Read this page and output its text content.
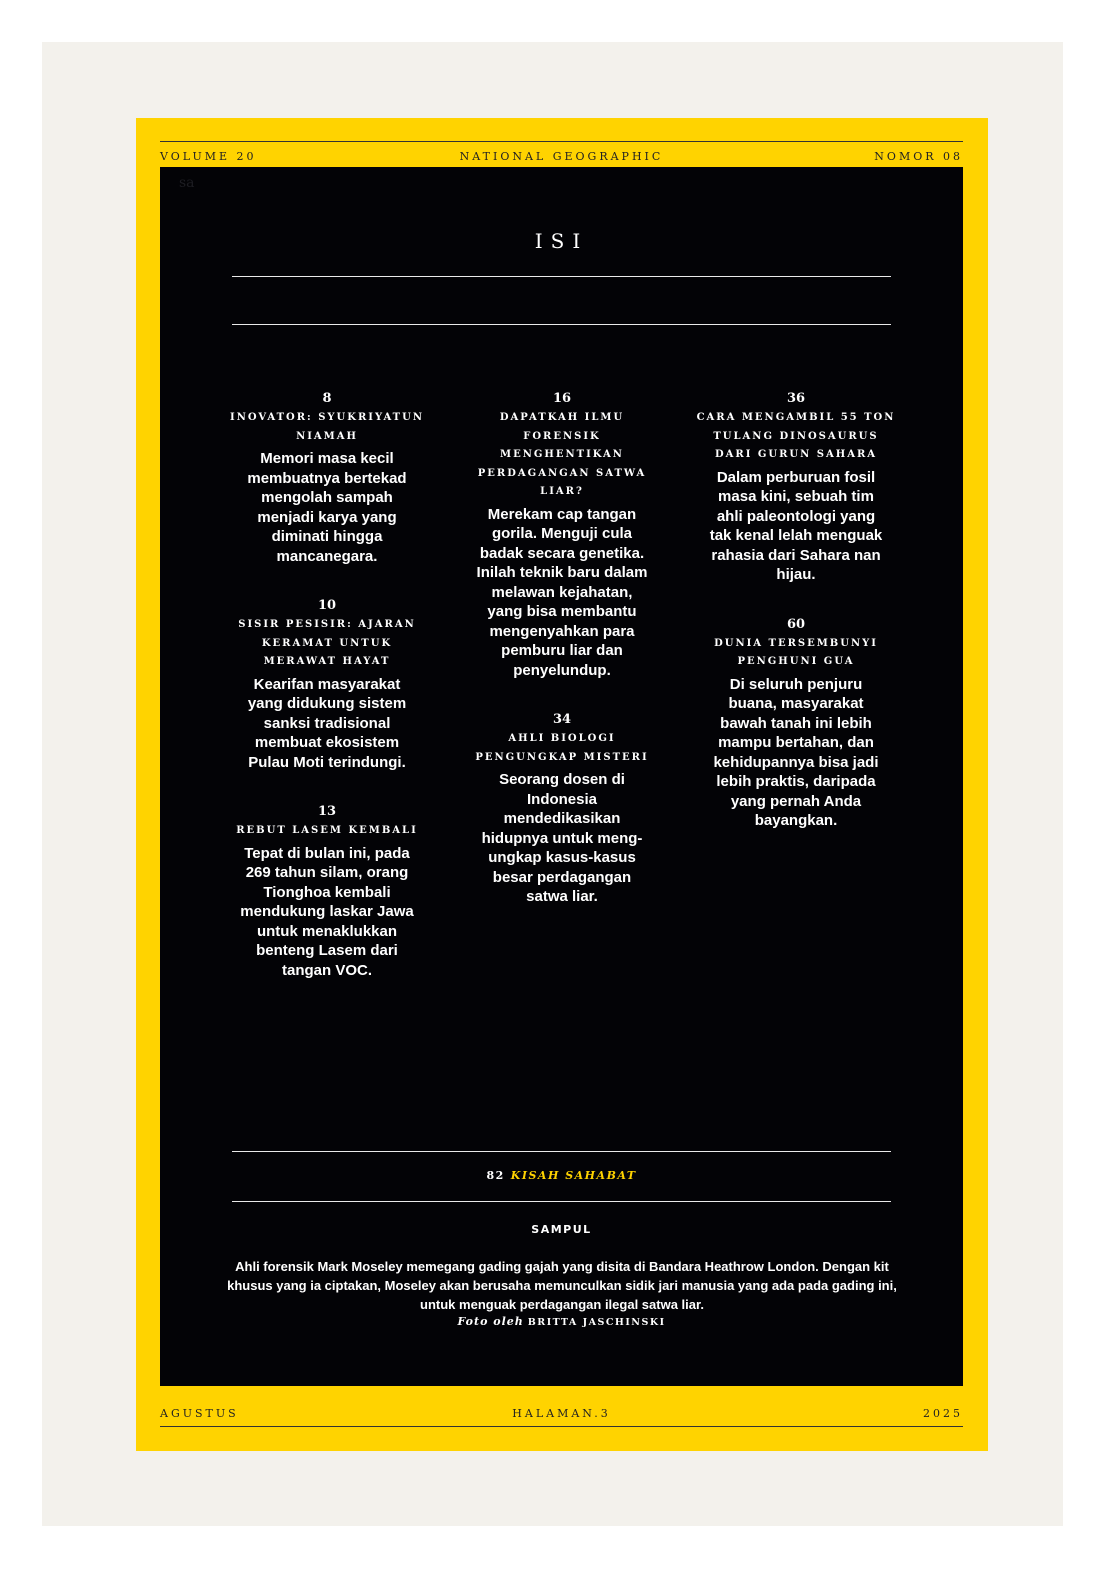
VOLUME 20	NATIONAL GEOGRAPHIC	NOMOR 08
sa
ISI
8
INOVATOR: SYUKRIYATUN NIAMAH
Memori masa kecil membuatnya bertekad mengolah sampah menjadi karya yang diminati hingga mancanegara.
10
SISIR PESISIR: AJARAN KERAMAT UNTUK MERAWAT HAYAT
Kearifan masyarakat yang didukung sistem sanksi tradisional membuat ekosistem Pulau Moti terindungi.
13
REBUT LASEM KEMBALI
Tepat di bulan ini, pada 269 tahun silam, orang Tionghoa kembali mendukung laskar Jawa untuk menaklukkan benteng Lasem dari tangan VOC.
16
DAPATKAH ILMU FORENSIK MENGHENTIKAN PERDAGANGAN SATWA LIAR?
Merekam cap tangan gorila. Menguji cula badak secara genetika. Inilah teknik baru dalam melawan kejahatan, yang bisa membantu mengenyahkan para pemburu liar dan penyelundup.
34
AHLI BIOLOGI PENGUNGKAP MISTERI
Seorang dosen di Indonesia mendedikasikan hidupnya untuk meng-ungkap kasus-kasus besar perdagangan satwa liar.
36
CARA MENGAMBIL 55 TON TULANG DINOSAURUS DARI GURUN SAHARA
Dalam perburuan fosil masa kini, sebuah tim ahli paleontologi yang tak kenal lelah menguak rahasia dari Sahara nan hijau.
60
DUNIA TERSEMBUNYI PENGHUNI GUA
Di seluruh penjuru buana, masyarakat bawah tanah ini lebih mampu bertahan, dan kehidupannya bisa jadi lebih praktis, daripada yang pernah Anda bayangkan.
82 KISAH SAHABAT
SAMPUL
Ahli forensik Mark Moseley memegang gading gajah yang disita di Bandara Heathrow London. Dengan kit khusus yang ia ciptakan, Moseley akan berusaha memunculkan sidik jari manusia yang ada pada gading ini, untuk menguak perdagangan ilegal satwa liar.
Foto oleh BRITTA JASCHINSKI
AGUSTUS	HALAMAN.3	2025
